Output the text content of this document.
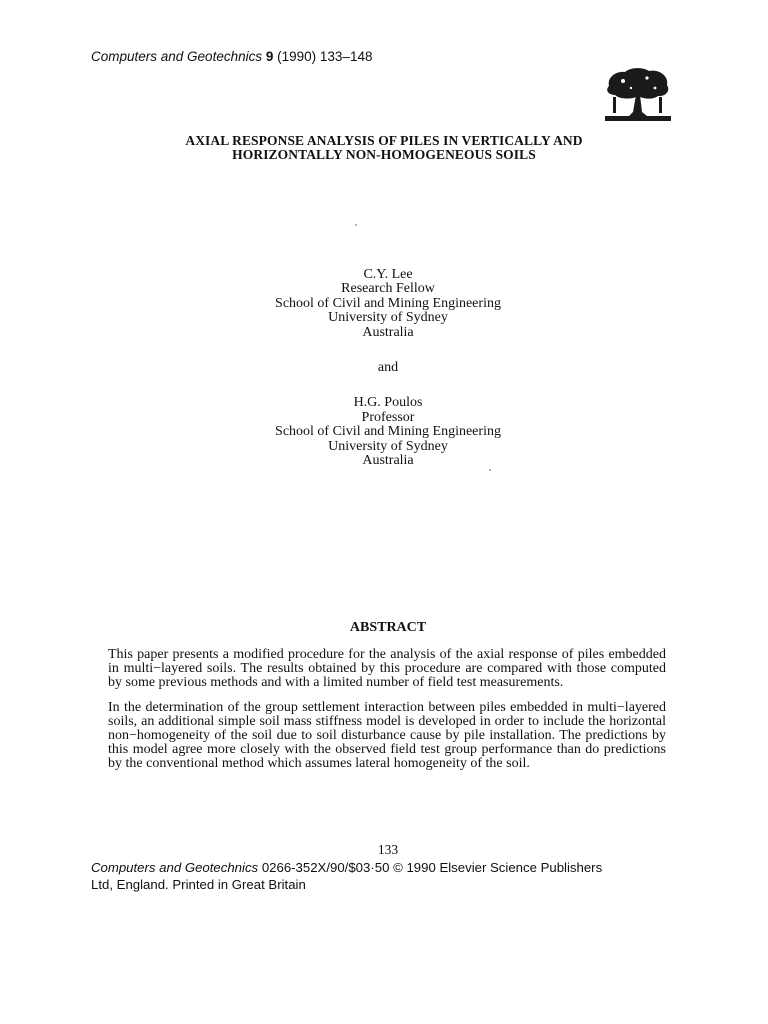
Computers and Geotechnics 9 (1990) 133–148
AXIAL RESPONSE ANALYSIS OF PILES IN VERTICALLY AND
HORIZONTALLY NON-HOMOGENEOUS SOILS
C.Y. Lee
Research Fellow
School of Civil and Mining Engineering
University of Sydney
Australia
and
H.G. Poulos
Professor
School of Civil and Mining Engineering
University of Sydney
Australia
ABSTRACT

This paper presents a modified procedure for the analysis of the axial response of piles embedded in multi−layered soils. The results obtained by this procedure are compared with those computed by some previous methods and with a limited number of field test measurements.

In the determination of the group settlement interaction between piles embedded in multi−layered soils, an additional simple soil mass stiffness model is developed in order to include the horizontal non−homogeneity of the soil due to soil disturbance cause by pile installation. The predictions by this model agree more closely with the observed field test group performance than do predictions by the conventional method which assumes lateral homogeneity of the soil.

133
Computers and Geotechnics 0266-352X/90/$03·50 © 1990 Elsevier Science Publishers
Ltd, England. Printed in Great Britain
